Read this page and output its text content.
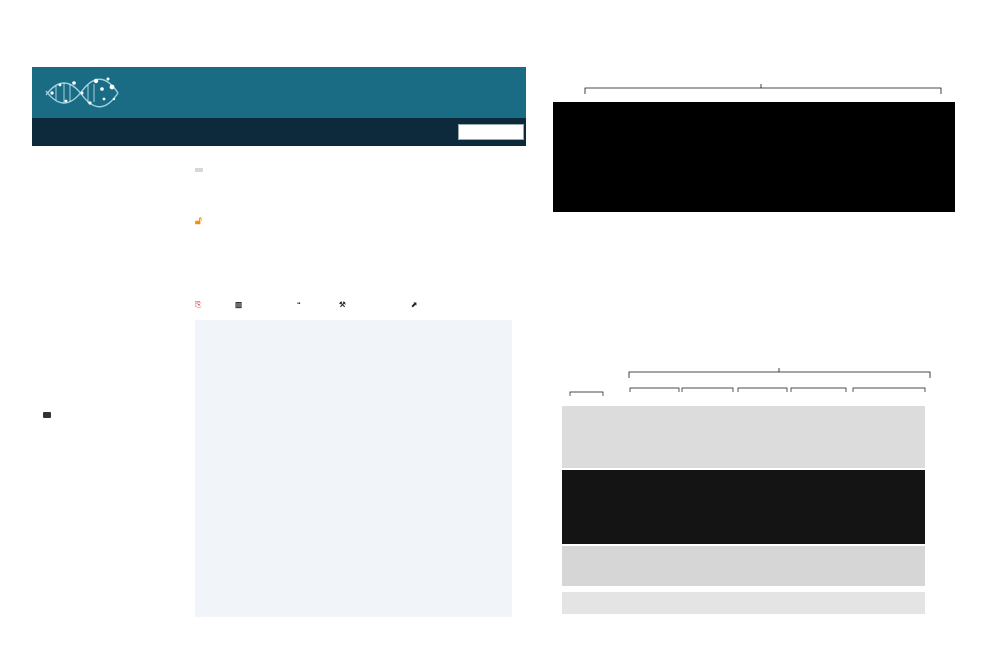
🔓︎
⎘	▥	“	⚒	⬈
